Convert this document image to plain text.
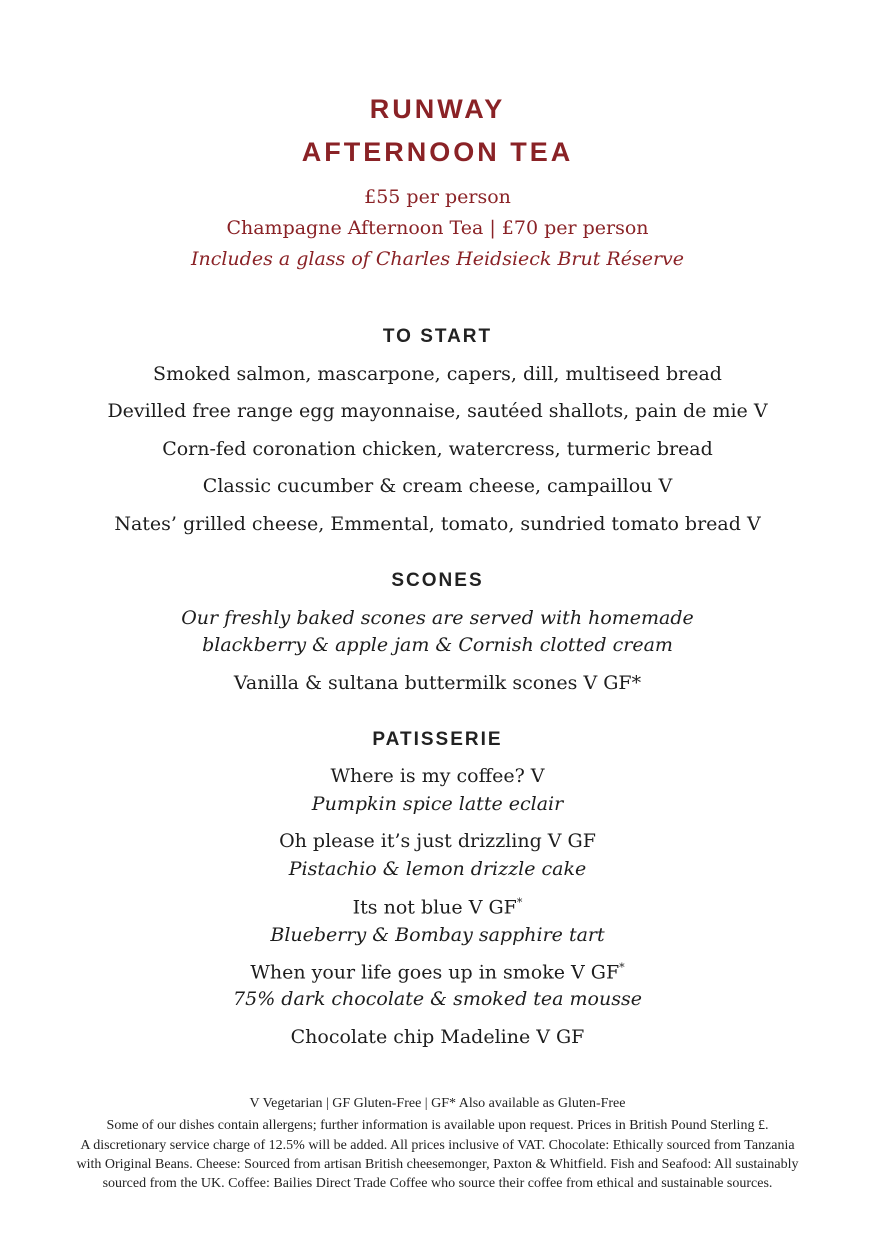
RUNWAY
AFTERNOON TEA
£55 per person
Champagne Afternoon Tea | £70 per person
Includes a glass of Charles Heidsieck Brut Réserve
TO START
Smoked salmon, mascarpone, capers, dill, multiseed bread
Devilled free range egg mayonnaise, sautéed shallots, pain de mie V
Corn-fed coronation chicken, watercress, turmeric bread
Classic cucumber & cream cheese, campaillou V
Nates’ grilled cheese, Emmental, tomato, sundried tomato bread V
SCONES
Our freshly baked scones are served with homemade
blackberry & apple jam & Cornish clotted cream
Vanilla & sultana buttermilk scones V GF*
PATISSERIE
Where is my coffee? V
Pumpkin spice latte eclair
Oh please it’s just drizzling V GF
Pistachio & lemon drizzle cake
Its not blue V GF*
Blueberry & Bombay sapphire tart
When your life goes up in smoke V GF*
75% dark chocolate & smoked tea mousse
Chocolate chip Madeline V GF
V Vegetarian | GF Gluten-Free | GF* Also available as Gluten-Free
Some of our dishes contain allergens; further information is available upon request. Prices in British Pound Sterling £.
A discretionary service charge of 12.5% will be added. All prices inclusive of VAT. Chocolate: Ethically sourced from Tanzania
with Original Beans. Cheese: Sourced from artisan British cheesemonger, Paxton & Whitfield. Fish and Seafood: All sustainably
sourced from the UK. Coffee: Bailies Direct Trade Coffee who source their coffee from ethical and sustainable sources.
